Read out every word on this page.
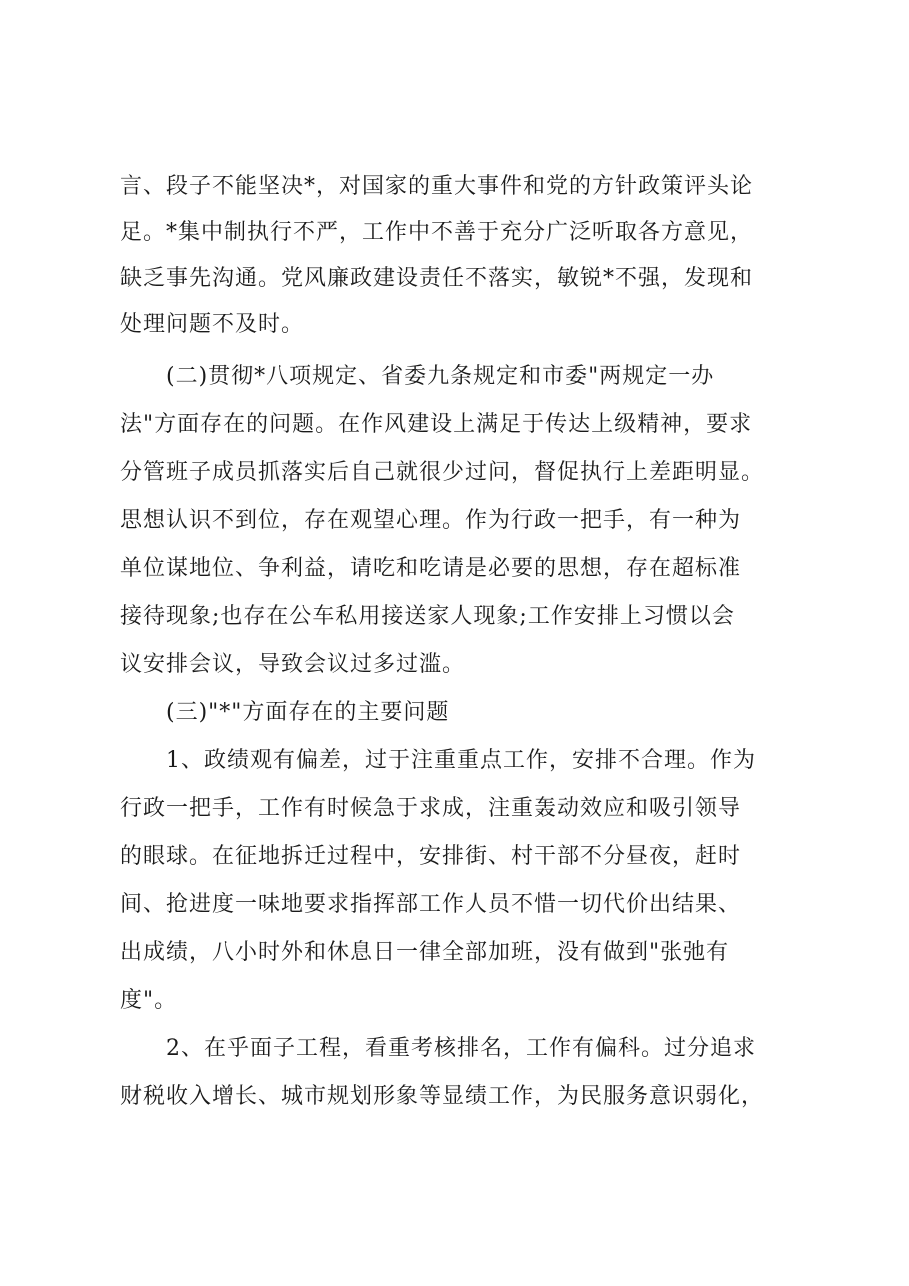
言、段子不能坚决*，对国家的重大事件和党的方针政策评头论
足。*集中制执行不严，工作中不善于充分广泛听取各方意见，
缺乏事先沟通。党风廉政建设责任不落实，敏锐*不强，发现和
处理问题不及时。
(二)贯彻*八项规定、省委九条规定和市委"两规定一办
法"方面存在的问题。在作风建设上满足于传达上级精神，要求
分管班子成员抓落实后自己就很少过问，督促执行上差距明显。
思想认识不到位，存在观望心理。作为行政一把手，有一种为
单位谋地位、争利益，请吃和吃请是必要的思想，存在超标准
接待现象;也存在公车私用接送家人现象;工作安排上习惯以会
议安排会议，导致会议过多过滥。
(三)"*"方面存在的主要问题
1、政绩观有偏差，过于注重重点工作，安排不合理。作为
行政一把手，工作有时候急于求成，注重轰动效应和吸引领导
的眼球。在征地拆迁过程中，安排街、村干部不分昼夜，赶时
间、抢进度一味地要求指挥部工作人员不惜一切代价出结果、
出成绩，八小时外和休息日一律全部加班，没有做到"张弛有
度"。
2、在乎面子工程，看重考核排名，工作有偏科。过分追求
财税收入增长、城市规划形象等显绩工作，为民服务意识弱化，
